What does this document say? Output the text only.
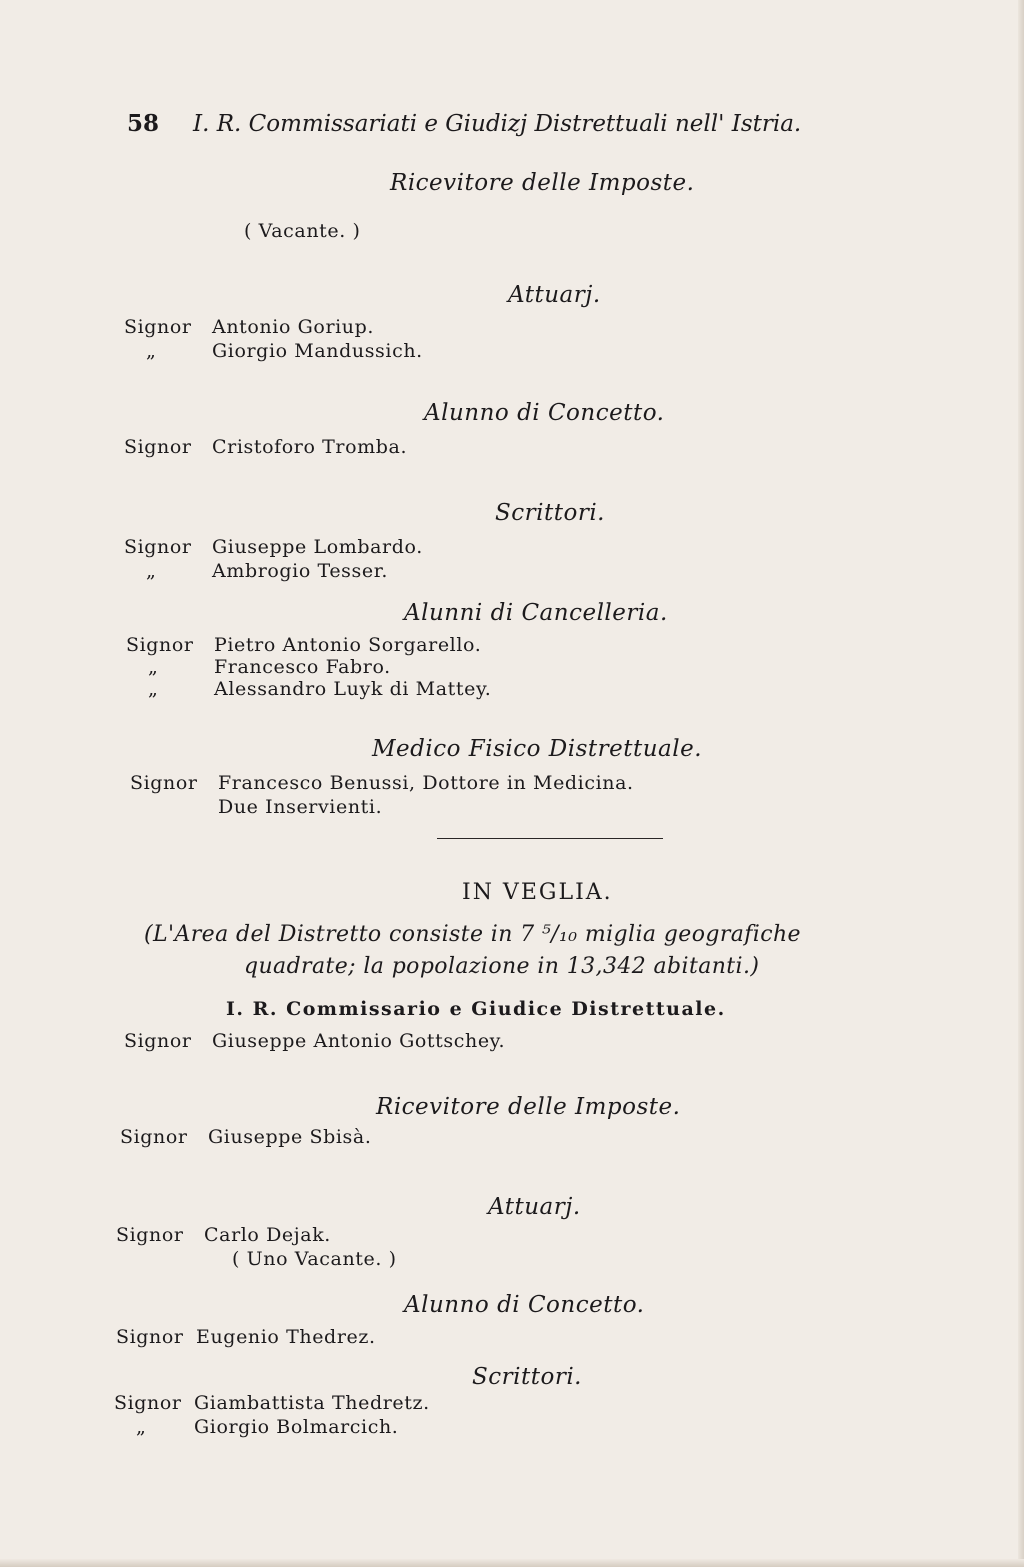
58 I. R. Commissariati e Giudizj Distrettuali nell' Istria.
Ricevitore delle Imposte.
( Vacante. )
Attuarj.
Signor Antonio Goriup.
„	Giorgio Mandussich.
Alunno di Concetto.
Signor Cristoforo Tromba.
Scrittori.
Signor Giuseppe Lombardo.
„	Ambrogio Tesser.
Alunni di Cancelleria.
Signor Pietro Antonio Sorgarello.
„	Francesco Fabro.
„	Alessandro Luyk di Mattey.
Medico Fisico Distrettuale.
Signor Francesco Benussi, Dottore in Medicina.
Due Inservienti.
IN VEGLIA.
(L'Area del Distretto consiste in 7 ⁵/₁₀ miglia geografiche
quadrate; la popolazione in 13,342 abitanti.)
I. R. Commissario e Giudice Distrettuale.
Signor Giuseppe Antonio Gottschey.
Ricevitore delle Imposte.
Signor Giuseppe Sbisà.
Attuarj.
Signor Carlo Dejak.
( Uno Vacante. )
Alunno di Concetto.
Signor Eugenio Thedrez.
Scrittori.
Signor Giambattista Thedretz.
„	Giorgio Bolmarcich.
